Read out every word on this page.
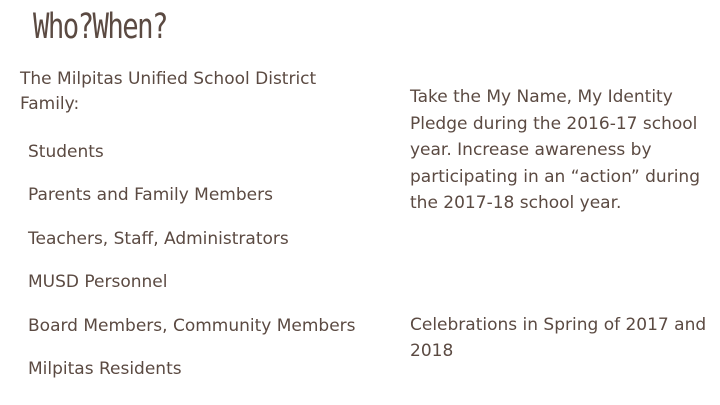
Who?When?

The Milpitas Unified School District Family:

Students
Parents and Family Members
Teachers, Staff, Administrators
MUSD Personnel
Board Members, Community Members
Milpitas Residents

Take the My Name, My Identity Pledge during the 2016-17 school year. Increase awareness by participating in an “action” during the 2017-18 school year.

Celebrations in Spring of 2017 and 2018
